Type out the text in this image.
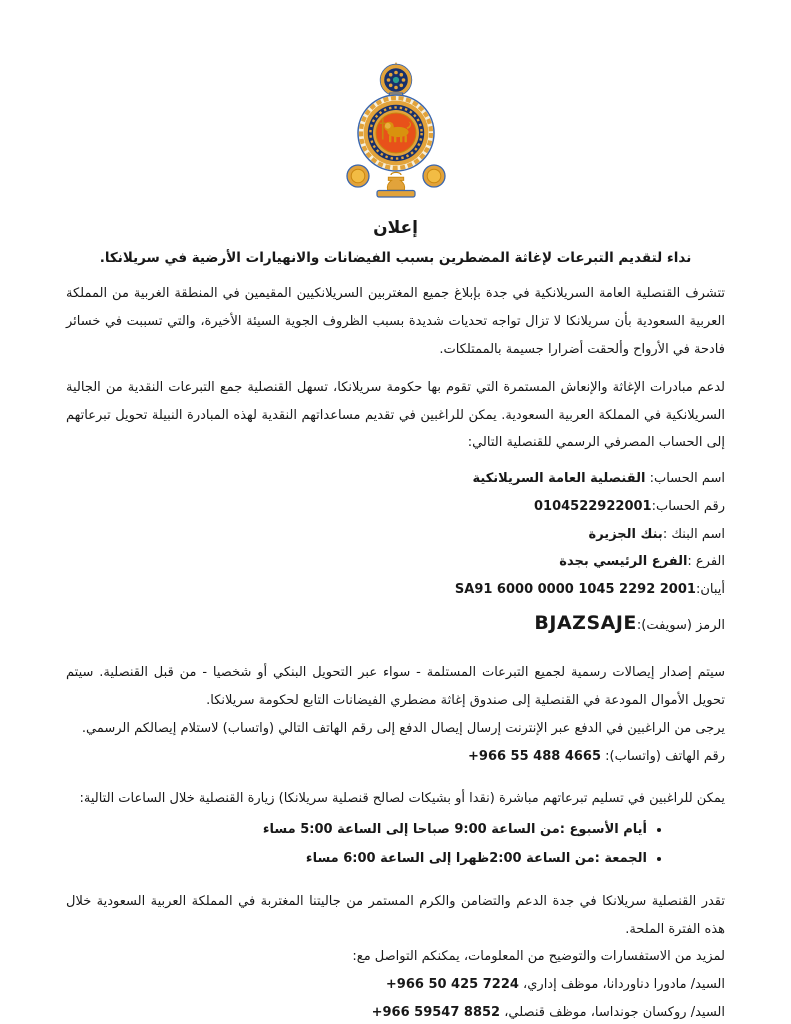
إعلان
نداء لتقديم التبرعات لإغاثة المضطرين بسبب الفيضانات والانهيارات الأرضية في سريلانكا.

تتشرف القنصلية العامة السريلانكية في جدة بإبلاغ جميع المغتربين السريلانكيين المقيمين في المنطقة الغربية من المملكة العربية السعودية بأن سريلانكا لا تزال تواجه تحديات شديدة بسبب الظروف الجوية السيئة الأخيرة، والتي تسببت في خسائر فادحة في الأرواح وألحقت أضرارا جسيمة بالممتلكات.

لدعم مبادرات الإغاثة والإنعاش المستمرة التي تقوم بها حكومة سريلانكا، تسهل القنصلية جمع التبرعات النقدية من الجالية السريلانكية في المملكة العربية السعودية. يمكن للراغبين في تقديم مساعداتهم النقدية لهذه المبادرة النبيلة تحويل تبرعاتهم إلى الحساب المصرفي الرسمي للقنصلية التالي:

اسم الحساب: القنصلية العامة السريلانكية

رقم الحساب:0104522922001

اسم البنك :بنك الجزيرة

الفرع :الفرع الرئيسي بجدة

أيبان:SA91 6000 0000 1045 2292 2001

الرمز (سويفت):BJAZSAJE

سيتم إصدار إيصالات رسمية لجميع التبرعات المستلمة - سواء عبر التحويل البنكي أو شخصيا - من قبل القنصلية. سيتم تحويل الأموال المودعة في القنصلية إلى صندوق إغاثة مضطري الفيضانات التابع لحكومة سريلانكا.

يرجى من الراغبين في الدفع عبر الإنترنت إرسال إيصال الدفع إلى رقم الهاتف التالي (واتساب) لاستلام إيصالكم الرسمي.

رقم الهاتف (واتساب): +966 55 488 4665

يمكن للراغبين في تسليم تبرعاتهم مباشرة (نقدا أو بشيكات لصالح قنصلية سريلانكا) زيارة القنصلية خلال الساعات التالية:

• أيام الأسبوع :من الساعة 9:00 صباحا إلى الساعة 5:00 مساء
• الجمعة :من الساعة 2:00ظهرا إلى الساعة 6:00 مساء

تقدر القنصلية سريلانكا في جدة الدعم والتضامن والكرم المستمر من جاليتنا المغتربة في المملكة العربية السعودية خلال هذه الفترة الملحة.

لمزيد من الاستفسارات والتوضيح من المعلومات، يمكنكم التواصل مع:

السيد/ مادورا دناوردانا، موظف إداري، +966 50 425 7224

السيد/ روكسان جونداسا، موظف قنصلي، +966 59547 8852
